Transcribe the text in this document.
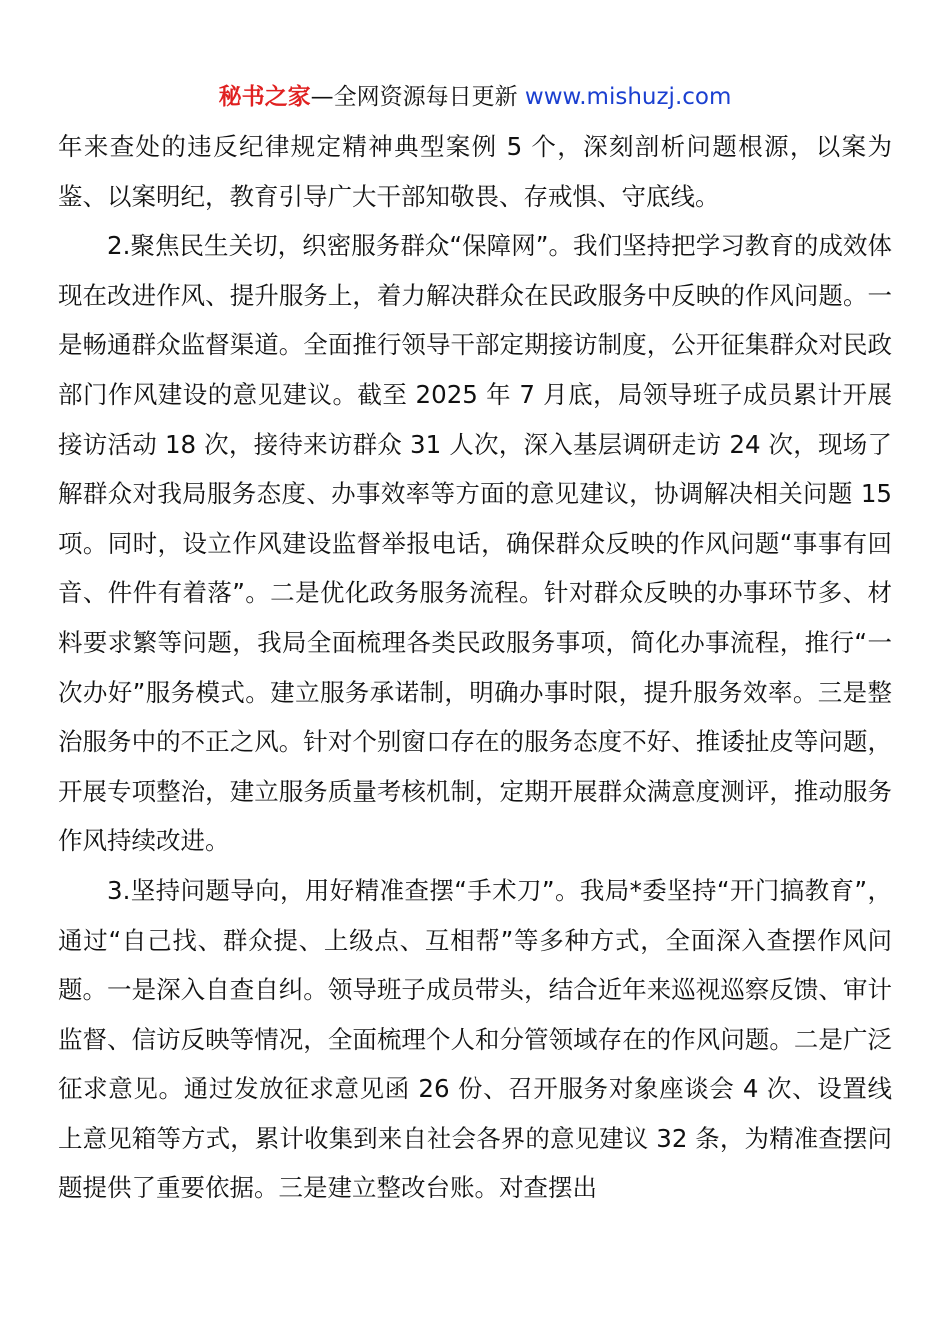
秘书之家—全网资源每日更新 www.mishuzj.com

年来查处的违反纪律规定精神典型案例 5 个，深刻剖析问题根源，以案为鉴、以案明纪，教育引导广大干部知敬畏、存戒惧、守底线。

2.聚焦民生关切，织密服务群众“保障网”。我们坚持把学习教育的成效体现在改进作风、提升服务上，着力解决群众在民政服务中反映的作风问题。一是畅通群众监督渠道。全面推行领导干部定期接访制度，公开征集群众对民政部门作风建设的意见建议。截至 2025 年 7 月底，局领导班子成员累计开展接访活动 18 次，接待来访群众 31 人次，深入基层调研走访 24 次，现场了解群众对我局服务态度、办事效率等方面的意见建议，协调解决相关问题 15 项。同时，设立作风建设监督举报电话，确保群众反映的作风问题“事事有回音、件件有着落”。二是优化政务服务流程。针对群众反映的办事环节多、材料要求繁等问题，我局全面梳理各类民政服务事项，简化办事流程，推行“一次办好”服务模式。建立服务承诺制，明确办事时限，提升服务效率。三是整治服务中的不正之风。针对个别窗口存在的服务态度不好、推诿扯皮等问题，开展专项整治，建立服务质量考核机制，定期开展群众满意度测评，推动服务作风持续改进。

3.坚持问题导向，用好精准查摆“手术刀”。我局*委坚持“开门搞教育”，通过“自己找、群众提、上级点、互相帮”等多种方式，全面深入查摆作风问题。一是深入自查自纠。领导班子成员带头，结合近年来巡视巡察反馈、审计监督、信访反映等情况，全面梳理个人和分管领域存在的作风问题。二是广泛征求意见。通过发放征求意见函 26 份、召开服务对象座谈会 4 次、设置线上意见箱等方式，累计收集到来自社会各界的意见建议 32 条，为精准查摆问题提供了重要依据。三是建立整改台账。对查摆出
